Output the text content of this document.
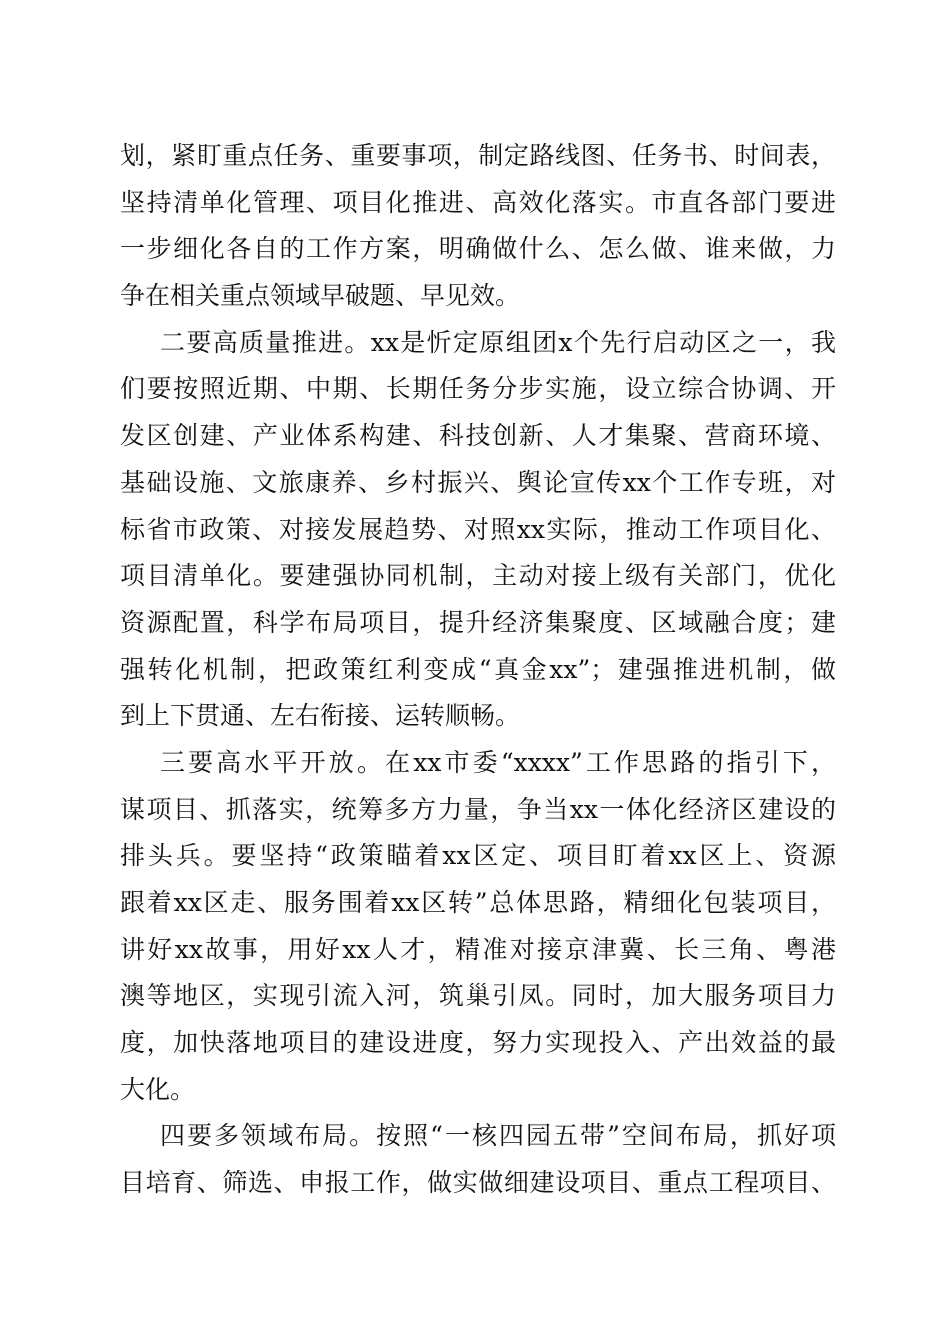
划，紧盯重点任务、重要事项，制定路线图、任务书、时间表，
坚持清单化管理、项目化推进、高效化落实。市直各部门要进
一步细化各自的工作方案，明确做什么、怎么做、谁来做，力
争在相关重点领域早破题、早见效。
二要高质量推进。xx是忻定原组团x个先行启动区之一，我
们要按照近期、中期、长期任务分步实施，设立综合协调、开
发区创建、产业体系构建、科技创新、人才集聚、营商环境、
基础设施、文旅康养、乡村振兴、舆论宣传xx个工作专班，对
标省市政策、对接发展趋势、对照xx实际，推动工作项目化、
项目清单化。要建强协同机制，主动对接上级有关部门，优化
资源配置，科学布局项目，提升经济集聚度、区域融合度；建
强转化机制，把政策红利变成“真金xx”；建强推进机制，做
到上下贯通、左右衔接、运转顺畅。
三要高水平开放。在xx市委“xxxx”工作思路的指引下，
谋项目、抓落实，统筹多方力量，争当xx一体化经济区建设的
排头兵。要坚持“政策瞄着xx区定、项目盯着xx区上、资源
跟着xx区走、服务围着xx区转”总体思路，精细化包装项目，
讲好xx故事，用好xx人才，精准对接京津冀、长三角、粤港
澳等地区，实现引流入河，筑巢引凤。同时，加大服务项目力
度，加快落地项目的建设进度，努力实现投入、产出效益的最
大化。
四要多领域布局。按照“一核四园五带”空间布局，抓好项
目培育、筛选、申报工作，做实做细建设项目、重点工程项目、
